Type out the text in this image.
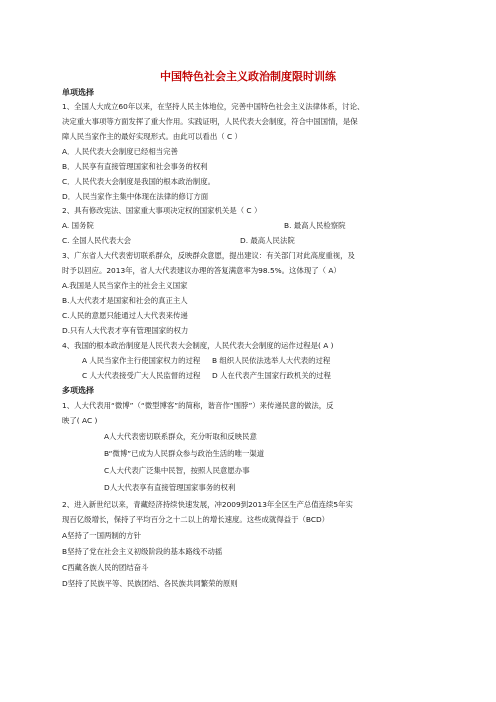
中国特色社会主义政治制度限时训练
单项选择
1、全国人大成立60年以来，在坚持人民主体地位，完善中国特色社会主义法律体系，讨论、
决定重大事项等方面发挥了重大作用。实践证明，人民代表大会制度，符合中国国情，是保
障人民当家作主的最好实现形式。由此可以看出（ C ）
A．人民代表大会制度已经相当完善
B．人民享有直接管理国家和社会事务的权利
C．人民代表大会制度是我国的根本政治制度。
D．人民当家作主集中体现在法律的修订方面
2、具有修改宪法、国家重大事项决定权的国家机关是（ C ）
A. 国务院	B. 最高人民检察院
C. 全国人民代表大会	D. 最高人民法院
3、广东省人大代表密切联系群众，反映群众意愿，提出建议：有关部门对此高度重视，及
时予以回应。2013年，省人大代表建议办理的答复满意率为98.5%。这体现了（ A）
A.我国是人民当家作主的社会主义国家
B.人大代表才是国家和社会的真正主人
C.人民的意愿只能通过人大代表来传递
D.只有人大代表才享有管理国家的权力
4、我国的根本政治制度是人民代表大会制度，人民代表大会制度的运作过程是( A )
A 人民当家作主行使国家权力的过程 B 组织人民依法选举人大代表的过程
C 人大代表接受广大人民监督的过程 D 人在代表产生国家行政机关的过程
多项选择
1、人大代表用“微博”（“微型博客”的简称，谐音作“围脖”）来传递民意的做法，反
映了( AC )
A人大代表密切联系群众，充分听取和反映民意
B“微博”已成为人民群众参与政治生活的唯一渠道
C人大代表广泛集中民智，按照人民意愿办事
D人大代表享有直接管理国家事务的权利
2、进入新世纪以来，青藏经济持续快速发展，冲2009到2013年全区生产总值连续5年实
现百亿级增长，保持了平均百分之十二以上的增长速度。这些成就得益于（BCD）
A坚持了一国两制的方针
B坚持了党在社会主义初级阶段的基本路线不动摇
C西藏各族人民的团结奋斗
D坚持了民族平等、民族团结、各民族共同繁荣的原则
